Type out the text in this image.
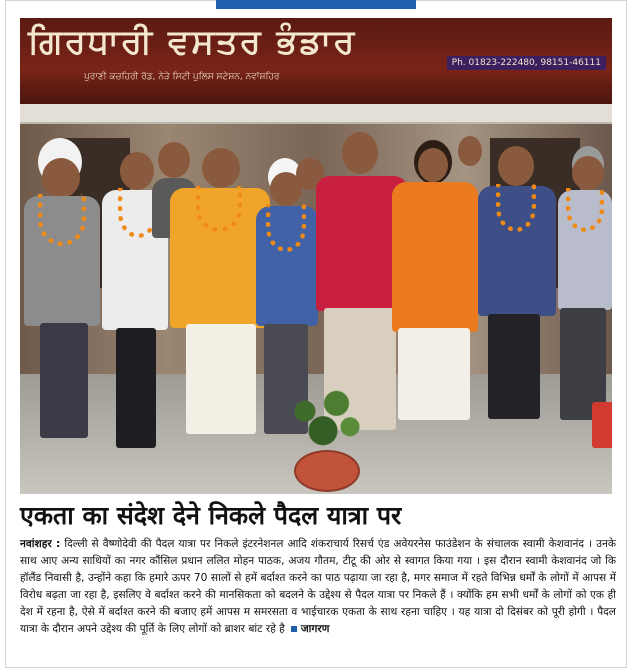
ਗਿਰਧਾਰੀ ਵਸਤਰ ਭੰਡਾਰ
ਪੁਰਾਣੀ ਕਚਹਿਰੀ ਰੋਡ, ਨੇੜੇ ਸਿਟੀ ਪੁਲਿਸ ਸਟੇਸ਼ਨ, ਨਵਾਂਸ਼ਹਿਰ
Ph. 01823-222480, 98151-46111
एकता का संदेश देने निकले पैदल यात्रा पर

नवांशहर : दिल्ली से वैष्णोदेवी की पैदल यात्रा पर निकले इंटरनेशनल आदि शंकराचार्य रिसर्च एंड अवेयरनेस फाउंडेशन के संचालक स्वामी केशवानंद । उनके साथ आए अन्य साथियों का नगर कौंसिल प्रधान ललित मोहन पाठक, अजय गौतम, टीटू की ओर से स्वागत किया गया । इस दौरान स्वामी केशवानंद जो कि हॉलैंड निवासी है, उन्होंने कहा कि हमारे ऊपर 70 सालों से हमें बर्दाश्त करने का पाठ पढ़ाया जा रहा है, मगर समाज में रहते विभिन्न धर्मों के लोगों में आपस में विरोध बढ़ता जा रहा है, इसलिए वे बर्दाश्त करने की मानसिकता को बदलने के उद्देश्य से पैदल यात्रा पर निकले हैं । क्योंकि हम सभी धर्मों के लोगों को एक ही देश में रहना है, ऐसे में बर्दाश्त करने की बजाए हमें आपस म समरसता व भाईचारक एकता के साथ रहना चाहिए । यह यात्रा दो दिसंबर को पूरी होगी । पैदल यात्रा के दौरान अपने उद्देश्य की पूर्ति के लिए लोगों को ब्राशर बांट रहे है जागरण
